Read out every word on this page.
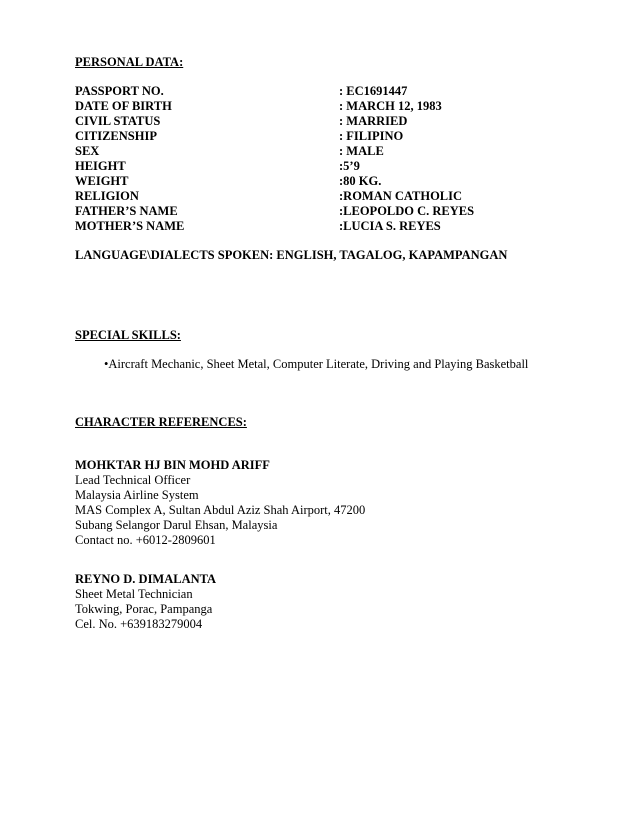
PERSONAL DATA:
PASSPORT NO.	: EC1691447
DATE OF BIRTH	: MARCH 12, 1983
CIVIL STATUS	: MARRIED
CITIZENSHIP	: FILIPINO
SEX	: MALE
HEIGHT	:5’9
WEIGHT	:80 KG.
RELIGION	:ROMAN CATHOLIC
FATHER’S NAME	:LEOPOLDO C. REYES
MOTHER’S NAME	:LUCIA S. REYES
LANGUAGE\DIALECTS SPOKEN: ENGLISH, TAGALOG, KAPAMPANGAN
SPECIAL SKILLS:
•Aircraft Mechanic, Sheet Metal, Computer Literate, Driving and Playing Basketball
CHARACTER REFERENCES:
MOHKTAR HJ BIN MOHD ARIFF
Lead Technical Officer
Malaysia Airline System
MAS Complex A, Sultan Abdul Aziz Shah Airport, 47200
Subang Selangor Darul Ehsan, Malaysia
Contact no. +6012-2809601
REYNO D. DIMALANTA
Sheet Metal Technician
Tokwing, Porac, Pampanga
Cel. No. +639183279004
